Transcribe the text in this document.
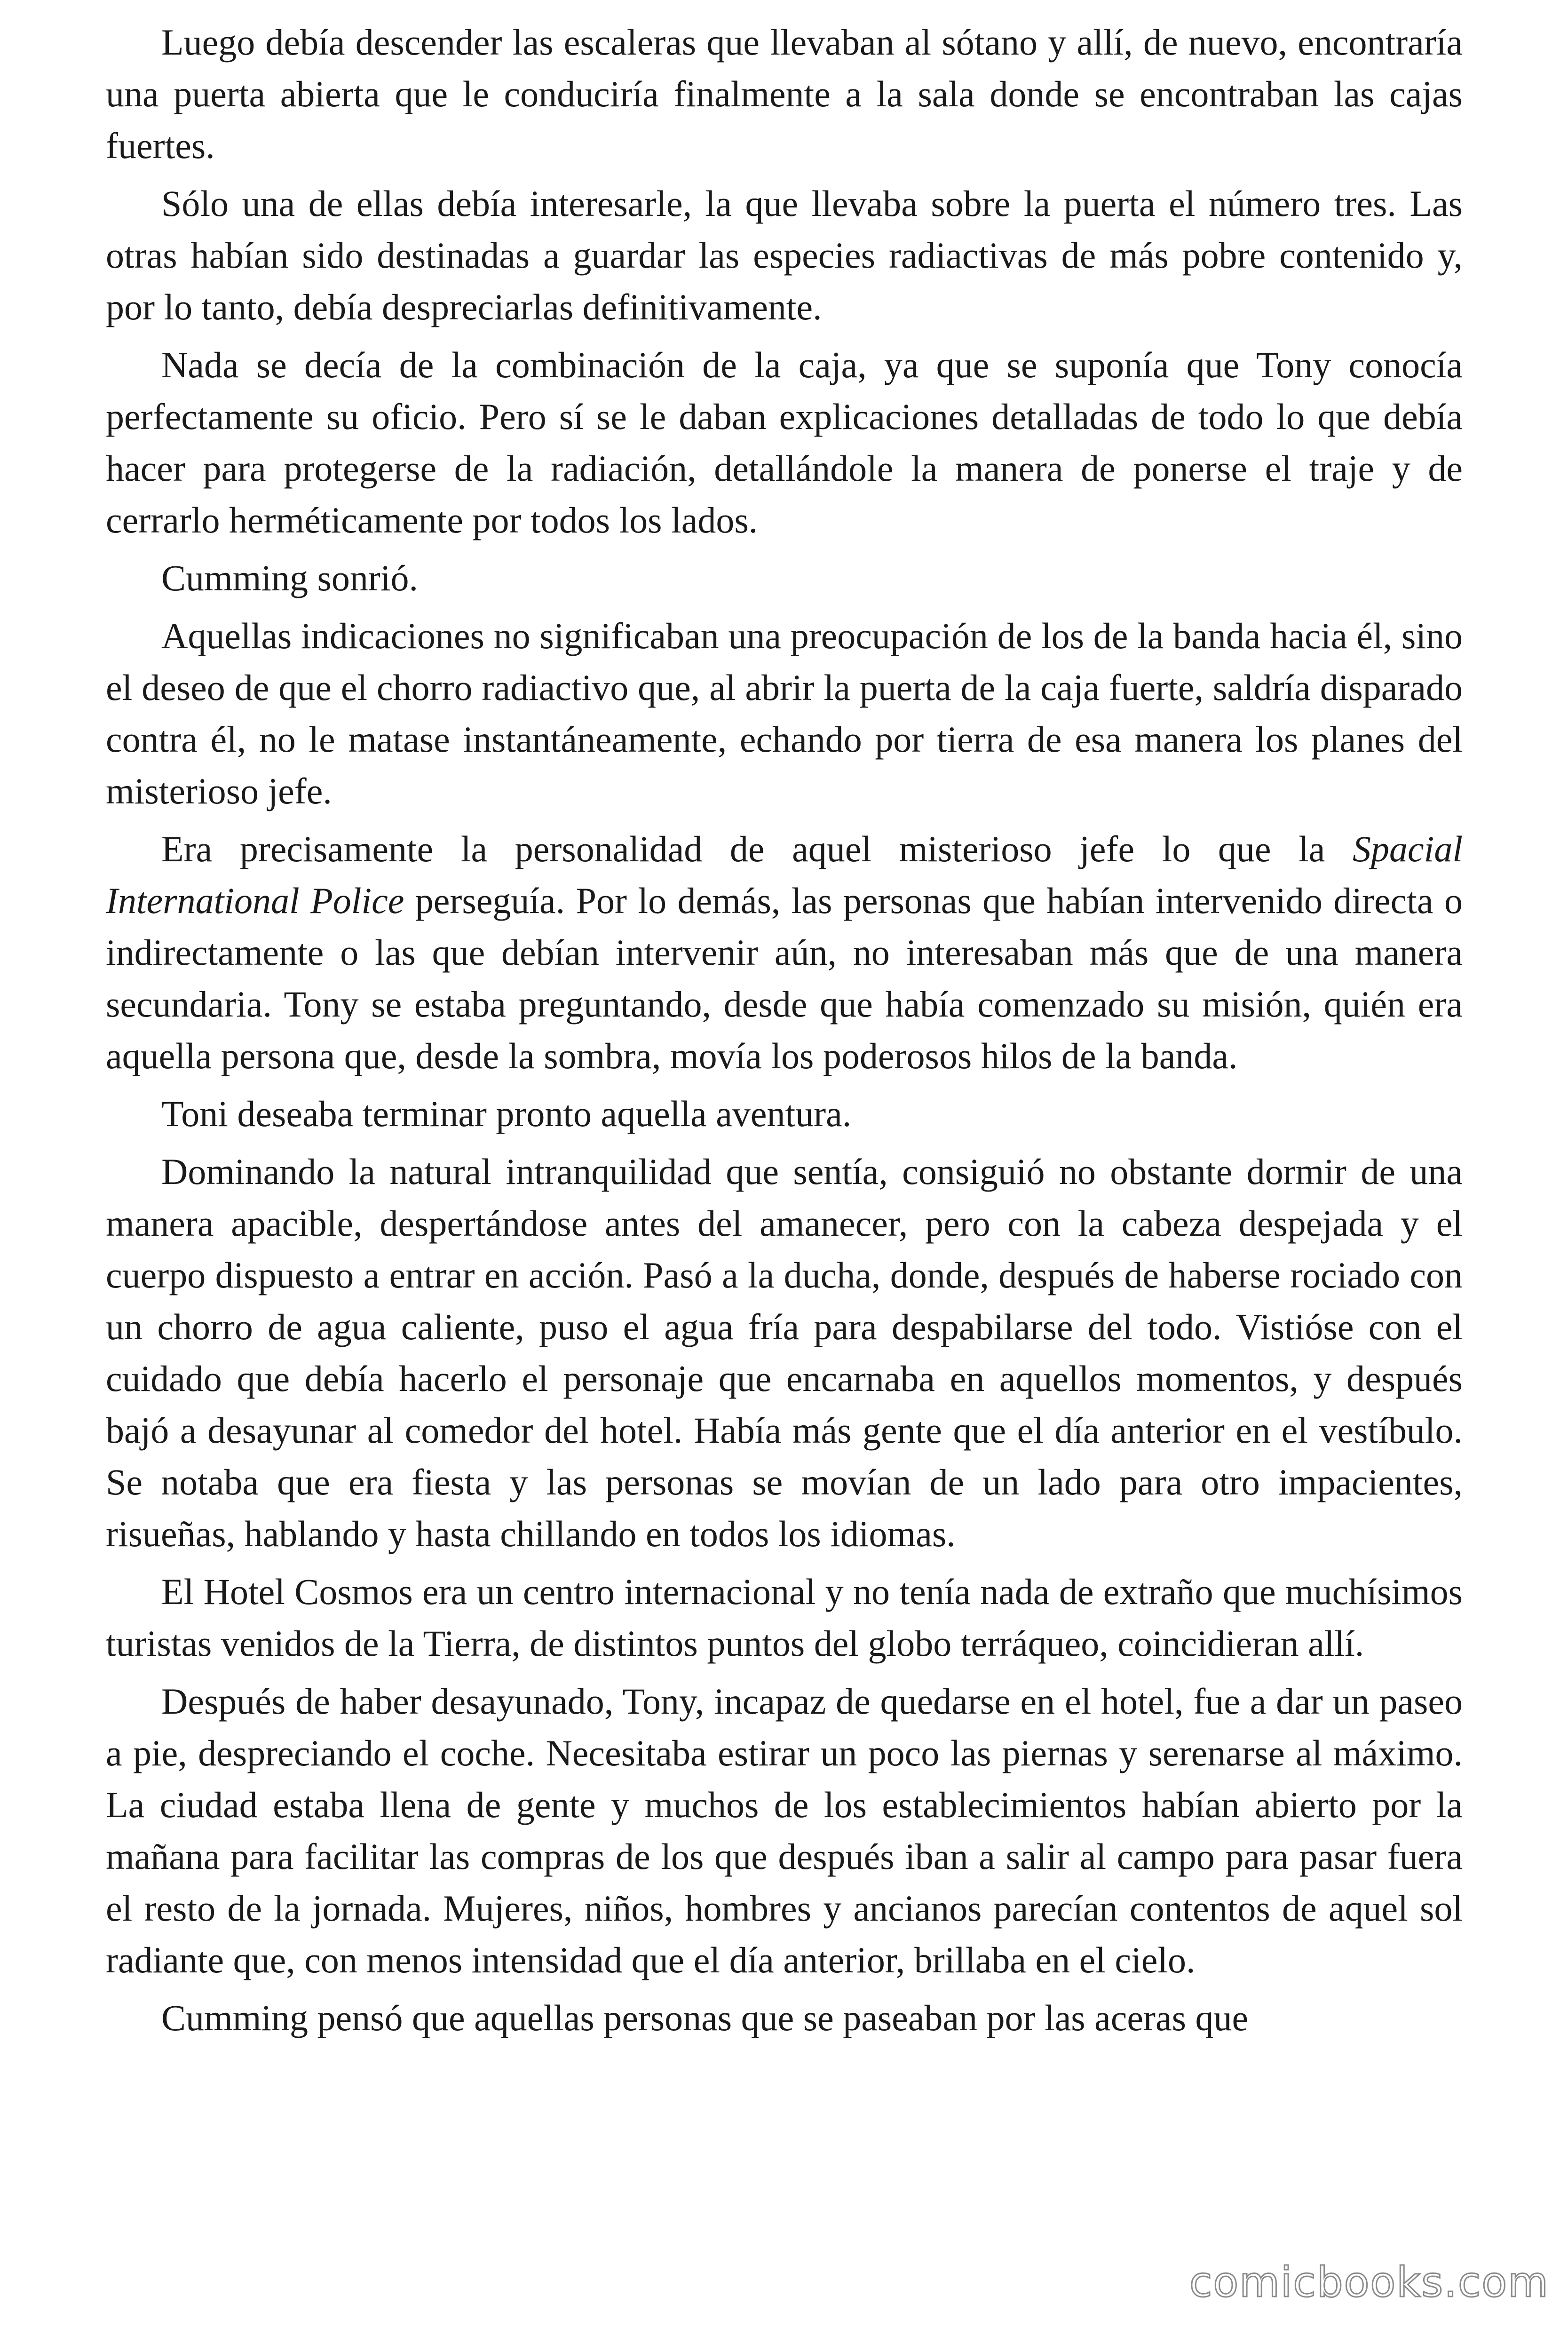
Luego debía descender las escaleras que llevaban al sótano y allí, de nuevo, encontraría una puerta abierta que le conduciría finalmente a la sala donde se encontraban las cajas fuertes.

Sólo una de ellas debía interesarle, la que llevaba sobre la puerta el número tres. Las otras habían sido destinadas a guardar las especies radiactivas de más pobre contenido y, por lo tanto, debía despreciarlas definitivamente.

Nada se decía de la combinación de la caja, ya que se suponía que Tony conocía perfectamente su oficio. Pero sí se le daban explicaciones detalladas de todo lo que debía hacer para protegerse de la radiación, detallándole la manera de ponerse el traje y de cerrarlo herméticamente por todos los lados.

Cumming sonrió.

Aquellas indicaciones no significaban una preocupación de los de la banda hacia él, sino el deseo de que el chorro radiactivo que, al abrir la puerta de la caja fuerte, saldría disparado contra él, no le matase instantáneamente, echando por tierra de esa manera los planes del misterioso jefe.

Era precisamente la personalidad de aquel misterioso jefe lo que la Spacial International Police perseguía. Por lo demás, las personas que habían intervenido directa o indirectamente o las que debían intervenir aún, no interesaban más que de una manera secundaria. Tony se estaba preguntando, desde que había comenzado su misión, quién era aquella persona que, desde la sombra, movía los poderosos hilos de la banda.

Toni deseaba terminar pronto aquella aventura.

Dominando la natural intranquilidad que sentía, consiguió no obstante dormir de una manera apacible, despertándose antes del amanecer, pero con la cabeza despejada y el cuerpo dispuesto a entrar en acción. Pasó a la ducha, donde, después de haberse rociado con un chorro de agua caliente, puso el agua fría para despabilarse del todo. Vistióse con el cuidado que debía hacerlo el personaje que encarnaba en aquellos momentos, y después bajó a desayunar al comedor del hotel. Había más gente que el día anterior en el vestíbulo. Se notaba que era fiesta y las personas se movían de un lado para otro impacientes, risueñas, hablando y hasta chillando en todos los idiomas.

El Hotel Cosmos era un centro internacional y no tenía nada de extraño que muchísimos turistas venidos de la Tierra, de distintos puntos del globo terráqueo, coincidieran allí.

Después de haber desayunado, Tony, incapaz de quedarse en el hotel, fue a dar un paseo a pie, despreciando el coche. Necesitaba estirar un poco las piernas y serenarse al máximo. La ciudad estaba llena de gente y muchos de los establecimientos habían abierto por la mañana para facilitar las compras de los que después iban a salir al campo para pasar fuera el resto de la jornada. Mujeres, niños, hombres y ancianos parecían contentos de aquel sol radiante que, con menos intensidad que el día anterior, brillaba en el cielo.

Cumming pensó que aquellas personas que se paseaban por las aceras que

comicbooks.com
